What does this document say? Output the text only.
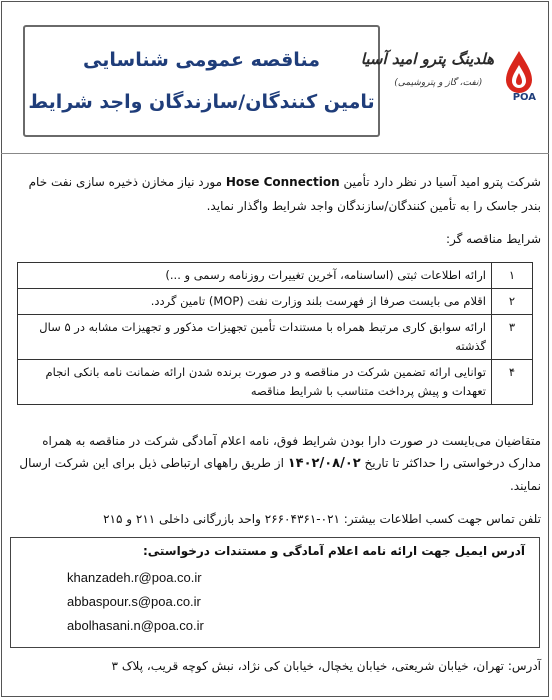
مناقصه عمومی شناسایی
تامین کنندگان/سازندگان واجد شرایط
هلدینگ پترو امید آسیا
(نفت، گاز و پتروشیمی)
POA
شرکت پترو امید آسیا در نظر دارد تأمین Hose Connection مورد نیاز مخازن ذخیره سازی نفت خام بندر جاسک را به تأمین کنندگان/سازندگان واجد شرایط واگذار نماید.
شرایط مناقصه گر:
۱	ارائه اطلاعات ثبتی (اساسنامه، آخرین تغییرات روزنامه رسمی و ...)
۲	اقلام می بایست صرفا از فهرست بلند وزارت نفت (MOP) تامین گردد.
۳	ارائه سوابق کاری مرتبط همراه با مستندات تأمین تجهیزات مذکور و تجهیزات مشابه در ۵ سال گذشته
۴	توانایی ارائه تضمین شرکت در مناقصه و در صورت برنده شدن ارائه ضمانت نامه بانکی انجام تعهدات و پیش پرداخت متناسب با شرایط مناقصه
متقاضیان می‌بایست در صورت دارا بودن شرایط فوق، نامه اعلام آمادگی شرکت در مناقصه به همراه مدارک درخواستی را حداکثر تا تاریخ ۱۴۰۲/۰۸/۰۲ از طریق راههای ارتباطی ذیل برای این شرکت ارسال نمایند.
تلفن تماس جهت کسب اطلاعات بیشتر: ۰۲۱-۲۶۶۰۴۳۶۱ واحد بازرگانی داخلی ۲۱۱ و ۲۱۵
آدرس ایمیل جهت ارائه نامه اعلام آمادگی و مستندات درخواستی:
khanzadeh.r@poa.co.ir
abbaspour.s@poa.co.ir
abolhasani.n@poa.co.ir
آدرس: تهران، خیابان شریعتی، خیابان یخچال، خیابان کی نژاد، نبش کوچه قریب، پلاک ۳
